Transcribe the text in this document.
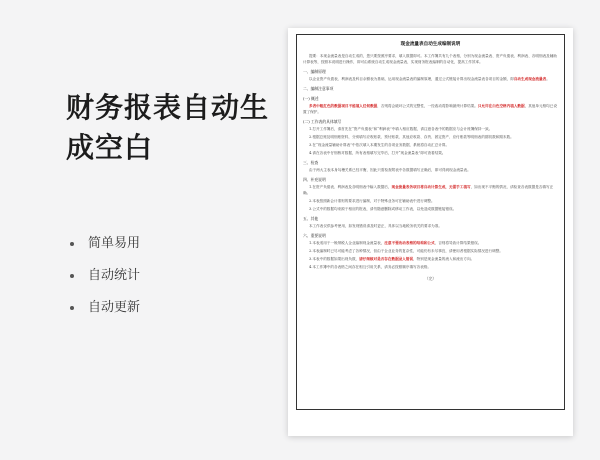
财务报表自动生成空白
简单易用
自动统计
自动更新
现金流量表自动生成编制说明

提要：本现金流量表是自动生成的，您只要按照序要求，填入数据即可。本工作簿共有九个表格，分别为现金流量表、资产负债表、利润表、各明细表及辅助计算表等，按照本说明进行操作，即可由系统自动生成现金流量表，实现财务报表编制的自动化，提高工作效率。

一、编制原理

以企业资产负债表、利润表及科目余额表为基础，运用现金流量表的编制原理，通过公式链接计算出现金流量表各项目的金额，即自动生成现金流量表。

二、编制注意事项
(一) 概述

多表中粗红色的数据项目不能填入任何数据，否则将会破坏公式的完整性，一经改动将影响最终计算结果。只允许在白色空格内填入数据，其他单元格均已设置了保护。

(二) 工作表的具体填写

1.打开工作簿后，请首先在“资产负债表”和“利润表”中填入相应数据，请注意各表中的数据应与会计账簿保持一致。

2.根据总账及明细账资料，分别填写应收账款、预付账款、其他应收款、存货、固定资产、应付账款等明细表的期初数和期末数。

3.在“现金流量辅助计算表”中依次填入本期发生的各项业务数据，系统将自动汇总计算。

4.请在各表中仔细核对数据，所有表格填写完毕后，打开“现金流量表”即可查看结果。

三、检查

由于两大主表本身勾稽关系已经平衡，因此只需检查附表中各数据填写正确后，即可得到现金流量表。

四、补充说明

1.在资产负债表、利润表及各明细表中输入数据后，现金流量表各项目将自动计算生成，无需手工填写，如出现不平衡的情况，请检查各表数据是否填写正确。

2.本表按照新会计准则的要求进行编制，对于特殊业务可在辅助表中进行调整。

3.公式中的数据均来源于相应的报表，请勿随意删除或移动工作表，以免造成数据链接错误。

五、其他

本工作表仅供参考使用，如发现错误请及时更正，具体以当地税务机关的要求为准。

六、重要说明

1.本表适用于一般纳税人企业编制现金流量表，注意不要改动表格的结构和公式，否则将导致计算结果错误。

2.本表编制时已尽可能考虑了各种情况，但由于企业业务的复杂性，可能仍有未尽事宜，请使用者根据实际情况进行调整。

3.本表中的数据如果出现负数，请仔细核对是否存在数据录入错误，特别是现金流量的流入和流出方向。

4.本工作簿中的各表格之间存在相互引用关系，请务必按照顺序填写各表格。

（完）
